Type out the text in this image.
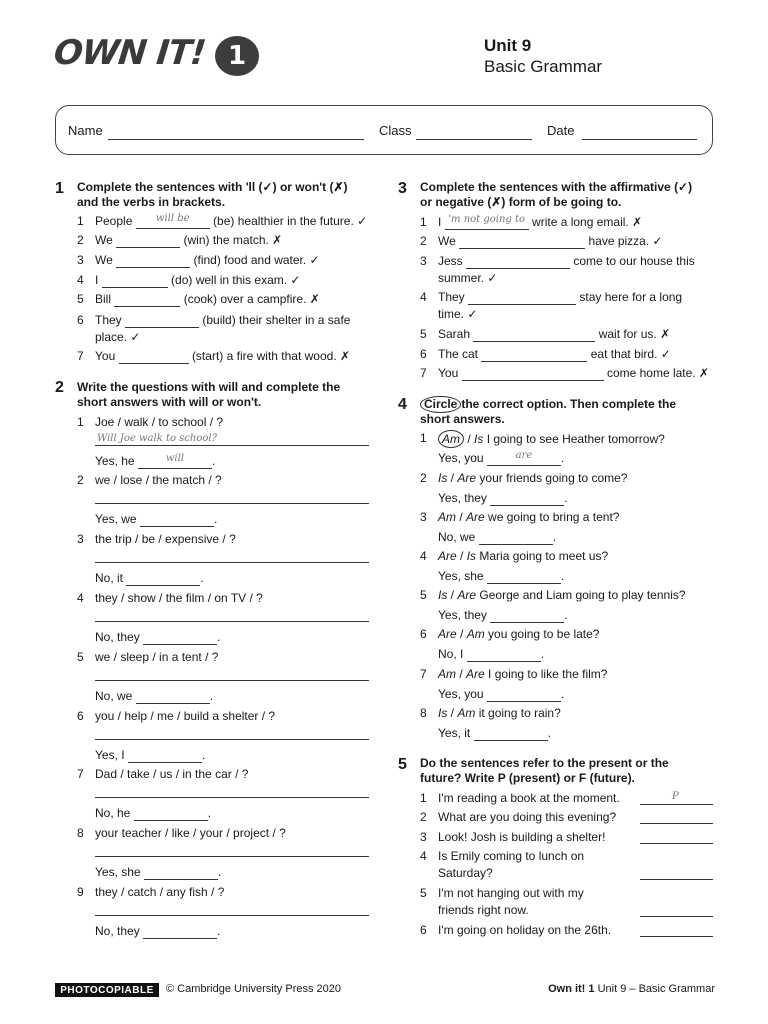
OWN IT! 1	Unit 9
Basic Grammar
Name	Class	Date
1 Complete the sentences with 'll (✓) or won't (✗)
and the verbs in brackets.
1 People	will be	(be) healthier in the future. ✓
2 We	(win) the match. ✗
3 We	(find) food and water. ✓
4 I	(do) well in this exam. ✓
5 Bill	(cook) over a campfire. ✗
6 They	(build) their shelter in a safe
place. ✓
7 You	(start) a fire with that wood. ✗
2 Write the questions with will and complete the
short answers with will or won't.
1 Joe / walk / to school / ?
Will Joe walk to school?
Yes, he	will	.
2 we / lose / the match / ?
Yes, we	.
3 the trip / be / expensive / ?
No, it	.
4 they / show / the film / on TV / ?
No, they	.
5 we / sleep / in a tent / ?
No, we	.
6 you / help / me / build a shelter / ?
Yes, I	.
7 Dad / take / us / in the car / ?
No, he	.
8 your teacher / like / your / project / ?
Yes, she	.
9 they / catch / any fish / ?
No, they	.
3 Complete the sentences with the affirmative (✓)
or negative (✗) form of be going to.
1 I 'm not going to write a long email. ✗
2 We	have pizza. ✓
3 Jess	come to our house this
summer. ✓
4 They	stay here for a long
time. ✓
5 Sarah	wait for us. ✗
6 The cat	eat that bird. ✓
7 You	come home late. ✗
4	Circle the correct option. Then complete the
short answers.
1	Am / Is I going to see Heather tomorrow?
Yes, you	are	.
2 Is / Are your friends going to come?
Yes, they	.
3 Am / Are we going to bring a tent?
No, we	.
4 Are / Is Maria going to meet us?
Yes, she	.
5 Is / Are George and Liam going to play tennis?
Yes, they	.
6 Are / Am you going to be late?
No, I	.
7 Am / Are I going to like the film?
Yes, you	.
8 Is / Am it going to rain?
Yes, it	.
5 Do the sentences refer to the present or the
future? Write P (present) or F (future).
1 I'm reading a book at the moment.	P
2 What are you doing this evening?
3 Look! Josh is building a shelter!
4 Is Emily coming to lunch on
Saturday?
5 I'm not hanging out with my
friends right now.
6 I'm going on holiday on the 26th.
PHOTOCOPIABLE	© Cambridge University Press 2020	Own it! 1 Unit 9 – Basic Grammar
